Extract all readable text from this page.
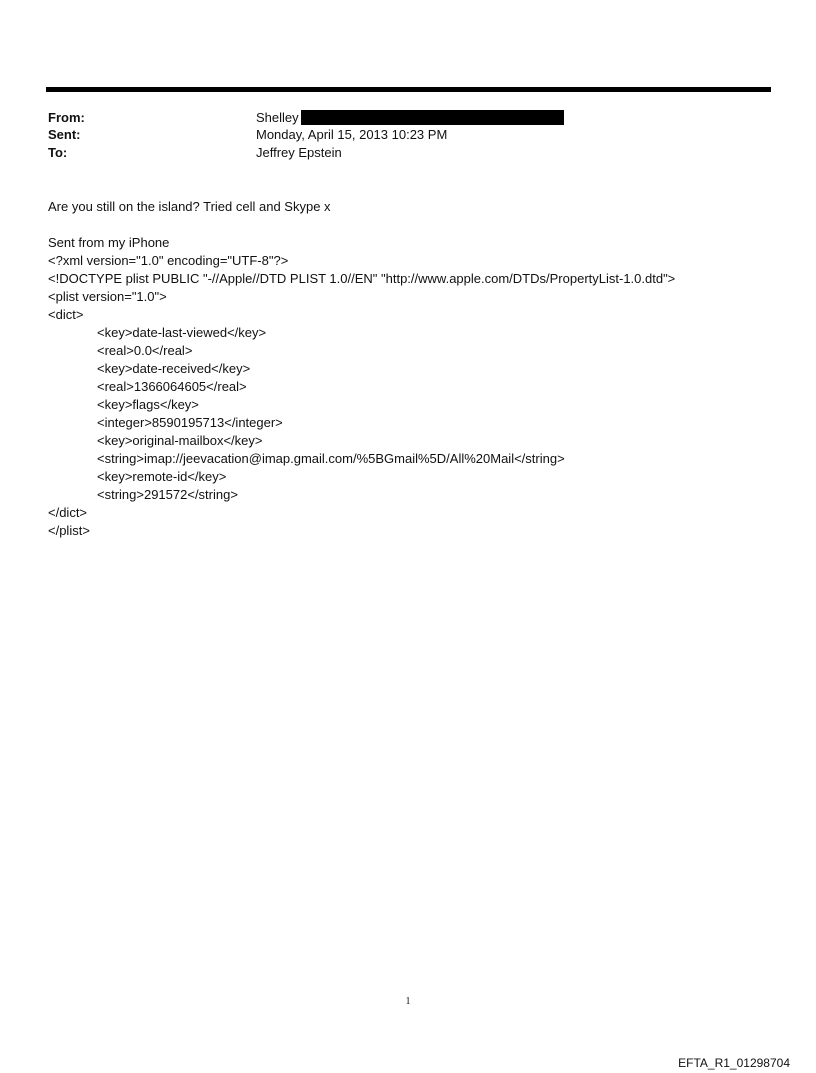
From:	Shelley
Sent:	Monday, April 15, 2013 10:23 PM
To:	Jeffrey Epstein
Are you still on the island? Tried cell and Skype x
Sent from my iPhone
<?xml version="1.0" encoding="UTF-8"?>
<!DOCTYPE plist PUBLIC "-//Apple//DTD PLIST 1.0//EN" "http://www.apple.com/DTDs/PropertyList-1.0.dtd">
<plist version="1.0">
<dict>
<key>date-last-viewed</key>
<real>0.0</real>
<key>date-received</key>
<real>1366064605</real>
<key>flags</key>
<integer>8590195713</integer>
<key>original-mailbox</key>
<string>imap://jeevacation@imap.gmail.com/%5BGmail%5D/All%20Mail</string>
<key>remote-id</key>
<string>291572</string>
</dict>
</plist>
1
EFTA_R1_01298704
